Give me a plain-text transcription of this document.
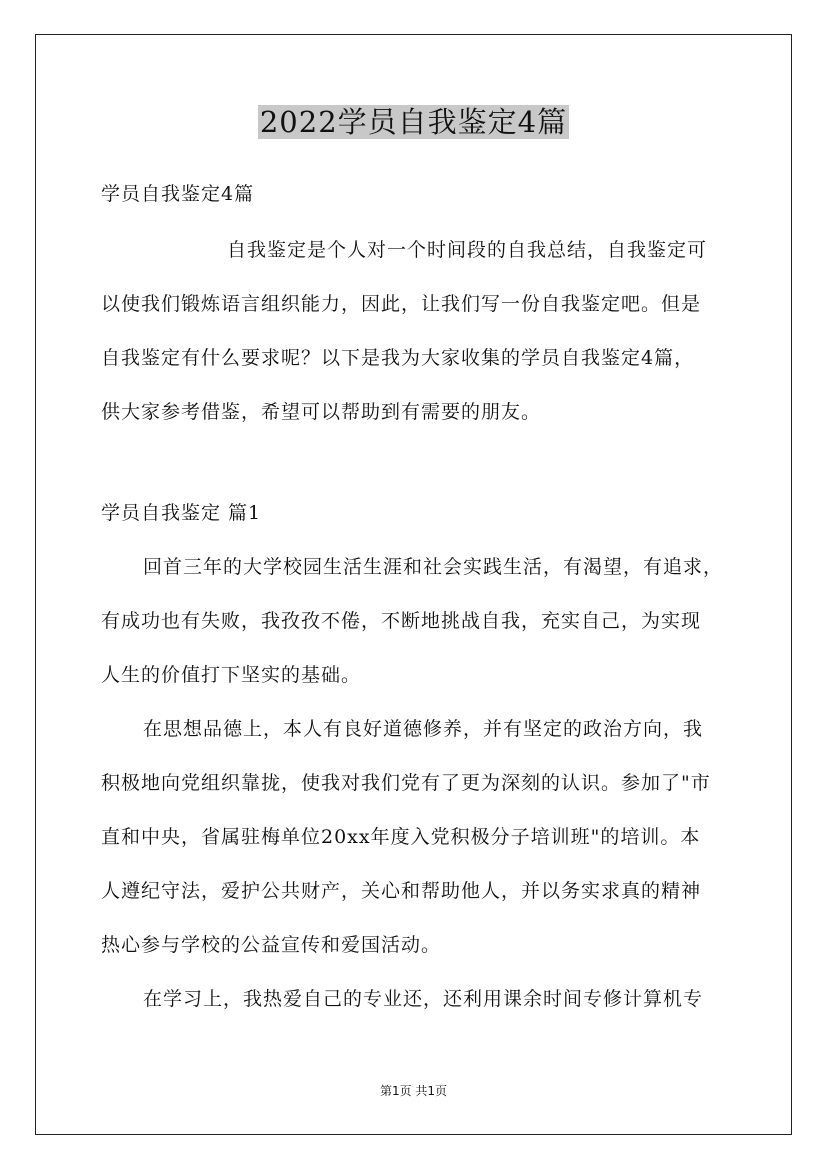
2022学员自我鉴定4篇
学员自我鉴定4篇
自我鉴定是个人对一个时间段的自我总结，自我鉴定可
以使我们锻炼语言组织能力，因此，让我们写一份自我鉴定吧。但是
自我鉴定有什么要求呢？以下是我为大家收集的学员自我鉴定4篇，
供大家参考借鉴，希望可以帮助到有需要的朋友。
学员自我鉴定 篇1
回首三年的大学校园生活生涯和社会实践生活，有渴望，有追求，
有成功也有失败，我孜孜不倦，不断地挑战自我，充实自己，为实现
人生的价值打下坚实的基础。
在思想品德上，本人有良好道德修养，并有坚定的政治方向，我
积极地向党组织靠拢，使我对我们党有了更为深刻的认识。参加了"市
直和中央，省属驻梅单位20xx年度入党积极分子培训班"的培训。本
人遵纪守法，爱护公共财产，关心和帮助他人，并以务实求真的精神
热心参与学校的公益宣传和爱国活动。
在学习上，我热爱自己的专业还，还利用课余时间专修计算机专
第1页 共1页
